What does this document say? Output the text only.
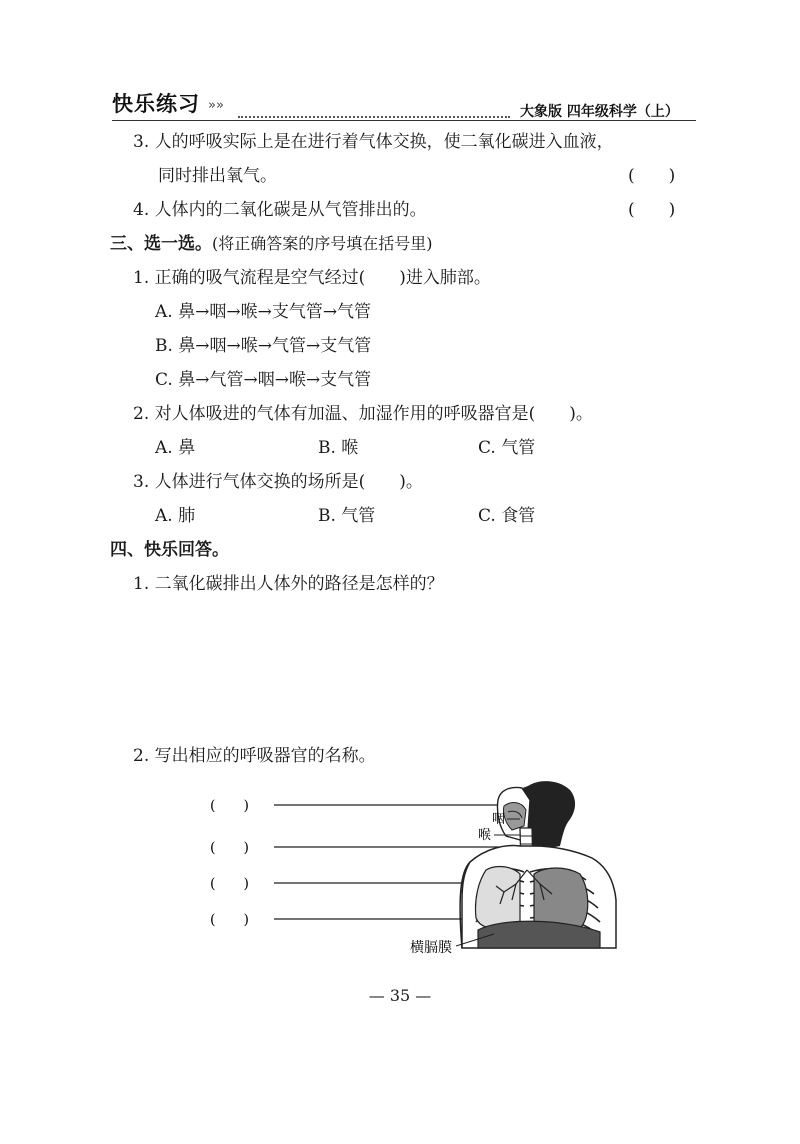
快乐练习 »»	大象版 四年级科学（上）
3. 人的呼吸实际上是在进行着气体交换，使二氧化碳进入血液，
同时排出氧气。	(　　)
4. 人体内的二氧化碳是从气管排出的。	(　　)
三、选一选。(将正确答案的序号填在括号里)
1. 正确的吸气流程是空气经过(　　)进入肺部。
A. 鼻→咽→喉→支气管→气管
B. 鼻→咽→喉→气管→支气管
C. 鼻→气管→咽→喉→支气管
2. 对人体吸进的气体有加温、加湿作用的呼吸器官是(　　)。
A. 鼻	B. 喉	C. 气管
3. 人体进行气体交换的场所是(　　)。
A. 肺	B. 气管	C. 食管
四、快乐回答。
1. 二氧化碳排出人体外的路径是怎样的？
2. 写出相应的呼吸器官的名称。
(　　)
(　　)
(　　)
(　　)
咽
喉
横膈膜
— 35 —
